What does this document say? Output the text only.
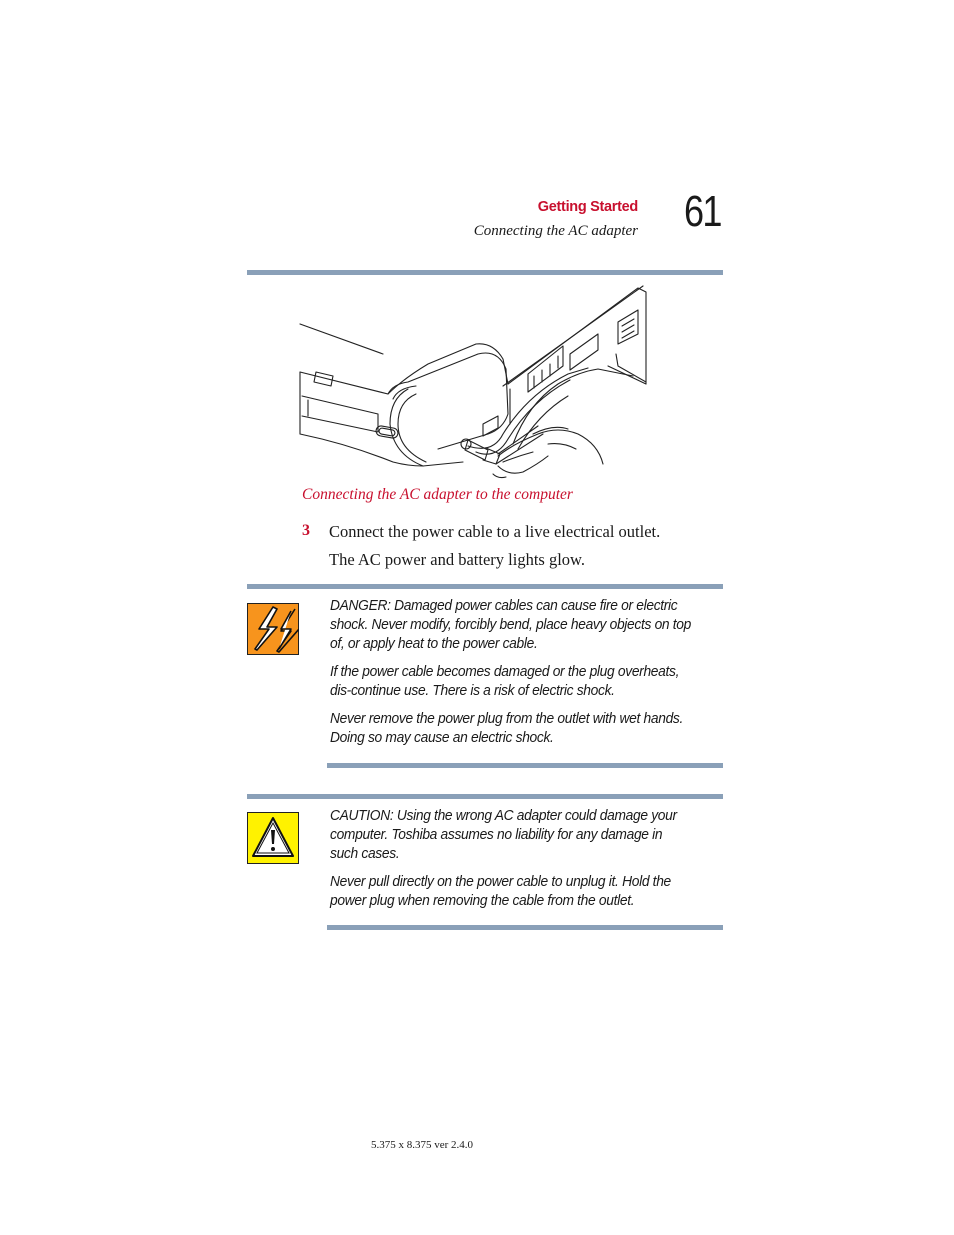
Getting Started
Connecting the AC adapter 61
Connecting the AC adapter to the computer
3 Connect the power cable to a live electrical outlet.
The AC power and battery lights glow.

DANGER: Damaged power cables can cause fire or electric shock. Never modify, forcibly bend, place heavy objects on top of, or apply heat to the power cable.

If the power cable becomes damaged or the plug overheats, dis-continue use. There is a risk of electric shock.

Never remove the power plug from the outlet with wet hands. Doing so may cause an electric shock.

CAUTION: Using the wrong AC adapter could damage your computer. Toshiba assumes no liability for any damage in such cases.

Never pull directly on the power cable to unplug it. Hold the power plug when removing the cable from the outlet.

5.375 x 8.375 ver 2.4.0
